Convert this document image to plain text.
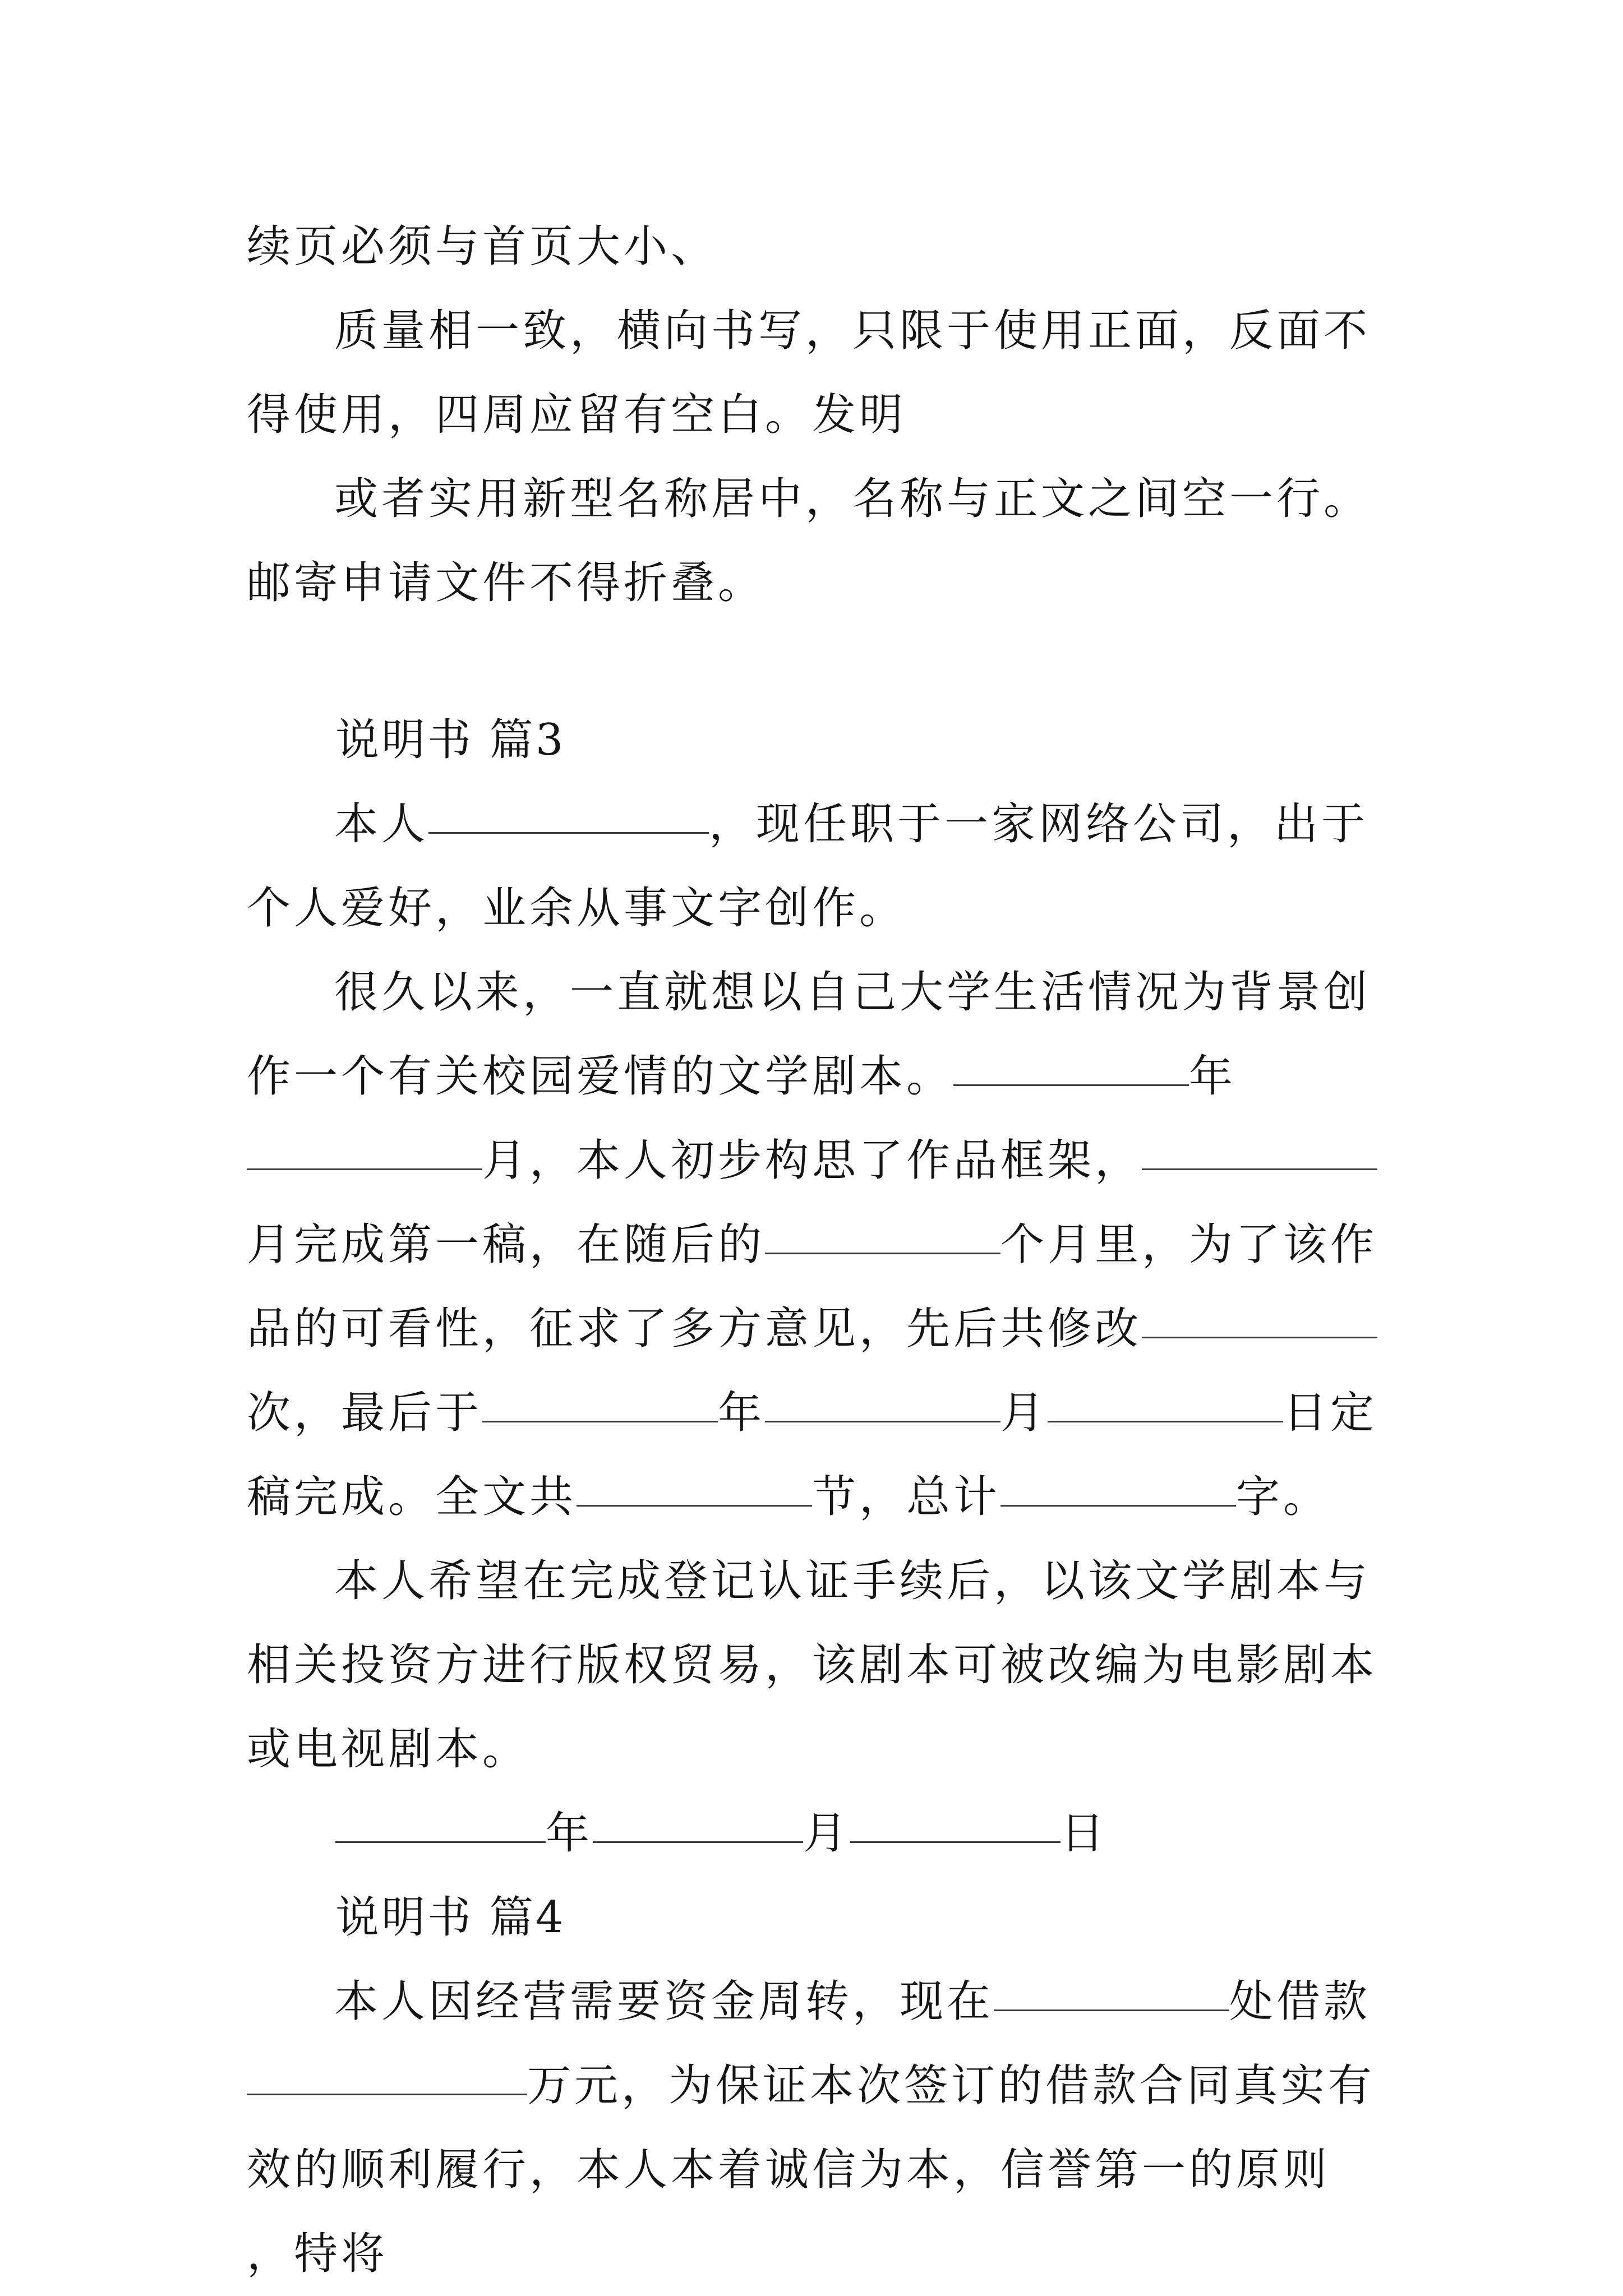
续页必须与首页大小、

质量相一致，横向书写，只限于使用正面，反面不得使用，四周应留有空白。发明

或者实用新型名称居中，名称与正文之间空一行。邮寄申请文件不得折叠。

说明书 篇3

本人	，现任职于一家网络公司，出于个人爱好，业余从事文字创作。

很久以来，一直就想以自己大学生活情况为背景创作一个有关校园爱情的文学剧本。	年月，本人初步构思了作品框架，月完成第一稿，在随后的	个月里，为了该作品的可看性，征求了多方意见，先后共修改次，最后于	年	月	日定稿完成。全文共	节，总计	字。

本人希望在完成登记认证手续后，以该文学剧本与相关投资方进行版权贸易，该剧本可被改编为电影剧本或电视剧本。

年	月	日

说明书 篇4

本人因经营需要资金周转，现在	处借款万元，为保证本次签订的借款合同真实有效的顺利履行，本人本着诚信为本，信誉第一的原则 ，特将
